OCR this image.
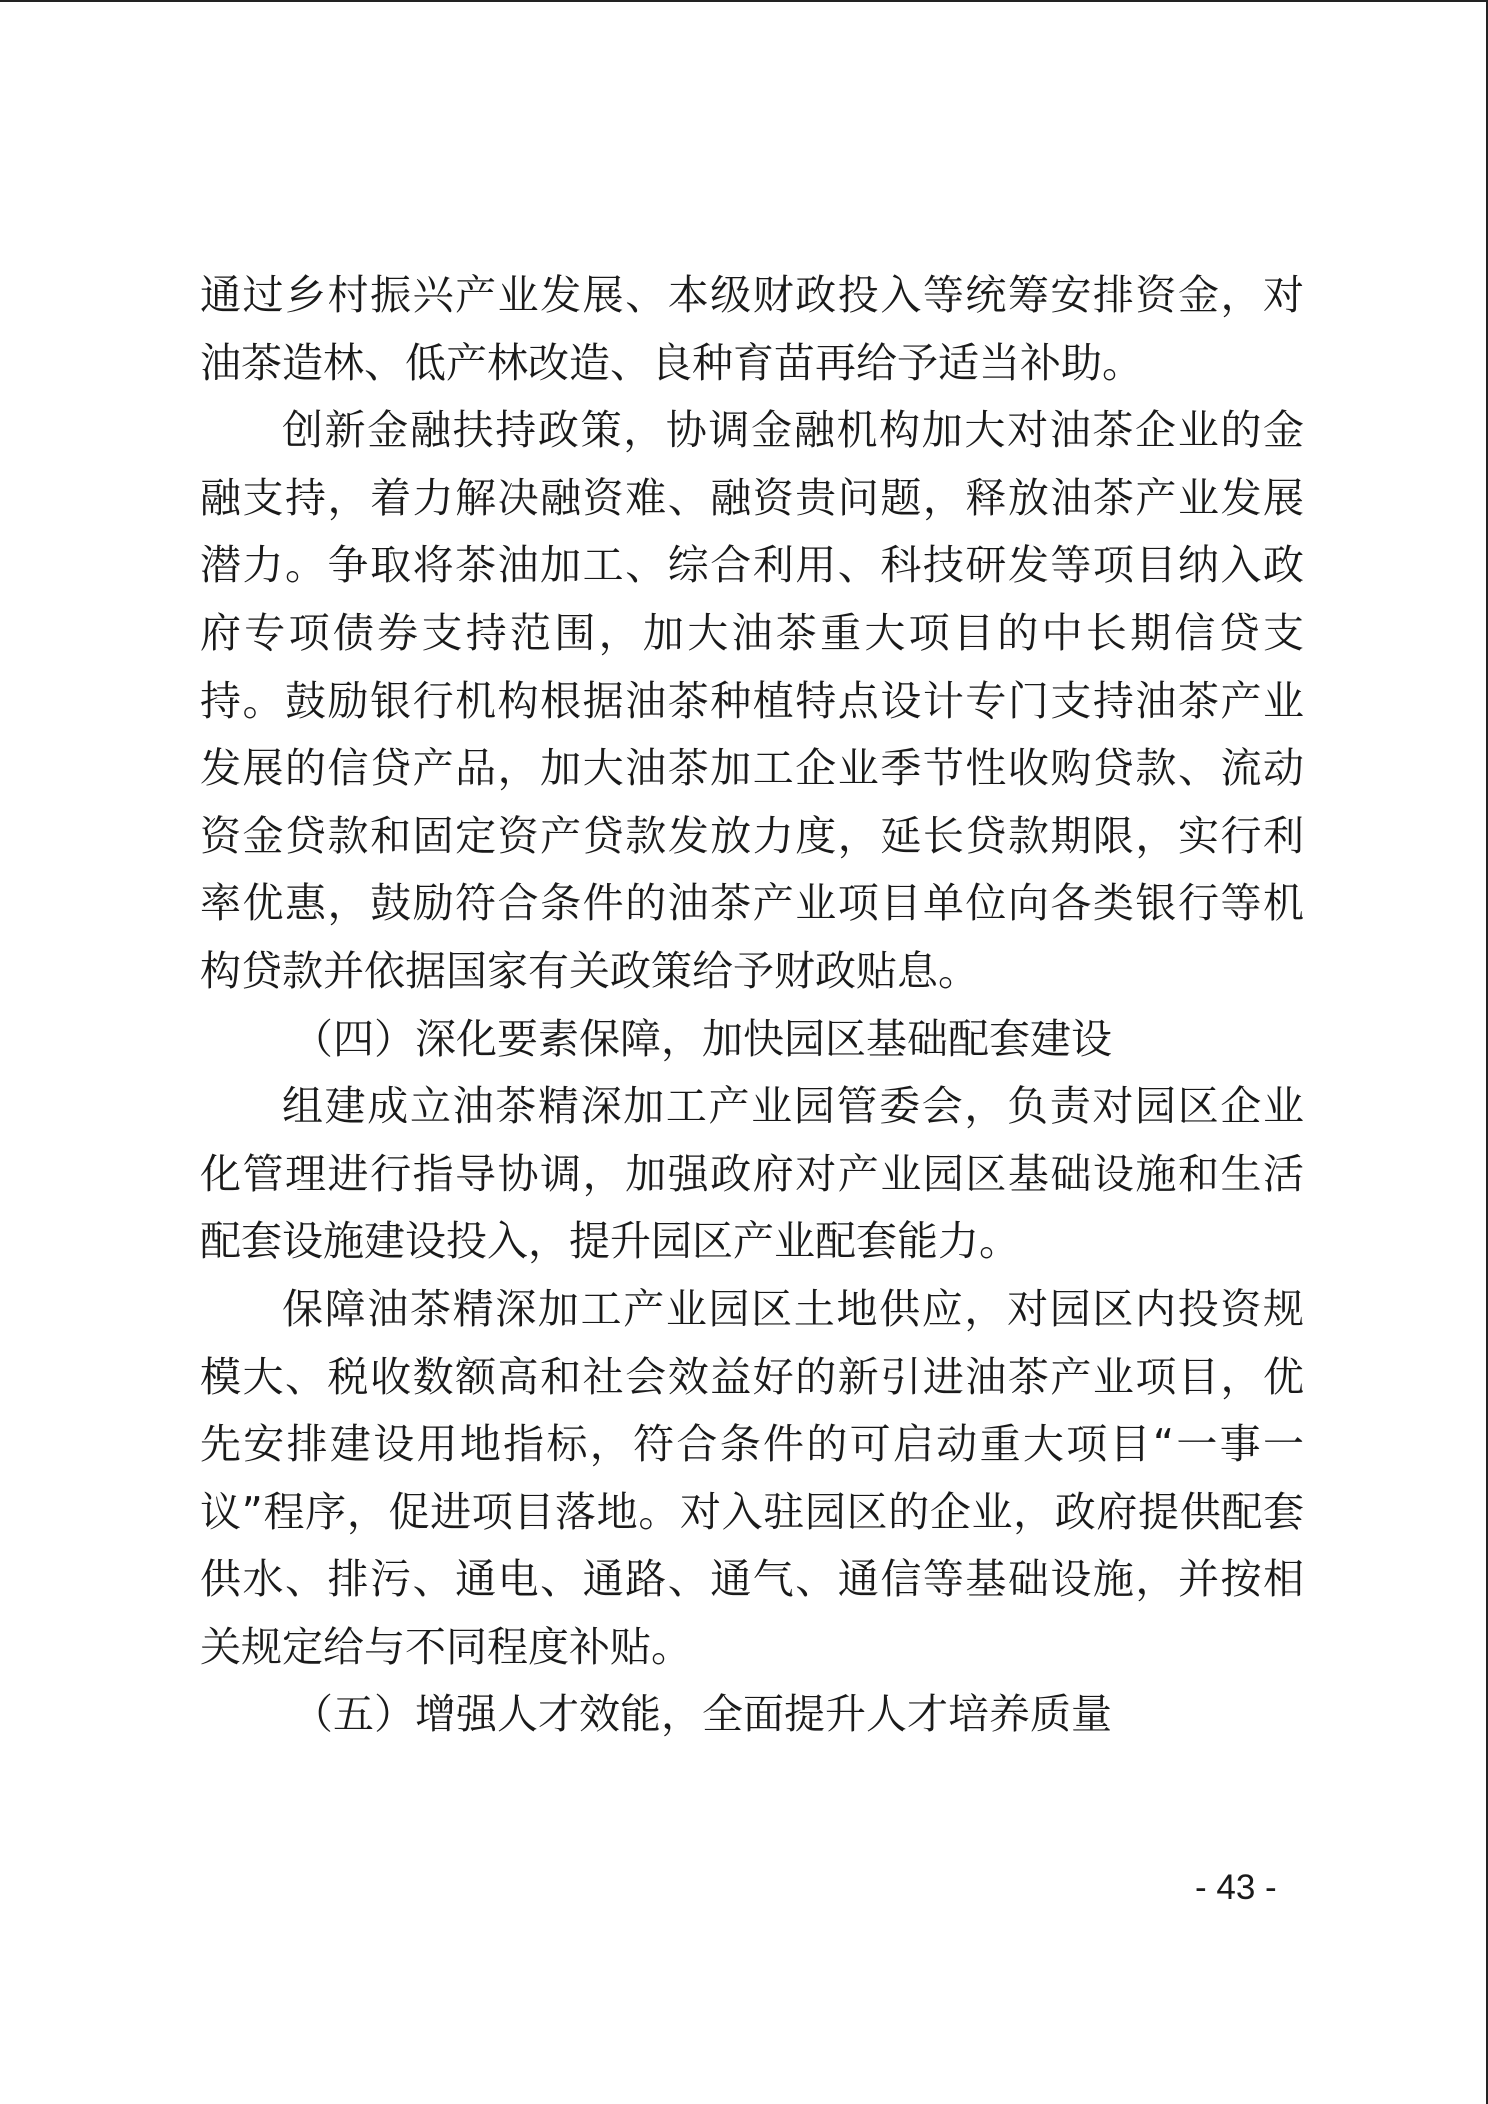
通过乡村振兴产业发展、本级财政投入等统筹安排资金，对油茶造林、低产林改造、良种育苗再给予适当补助。

创新金融扶持政策，协调金融机构加大对油茶企业的金融支持，着力解决融资难、融资贵问题，释放油茶产业发展潜力。争取将茶油加工、综合利用、科技研发等项目纳入政府专项债券支持范围，加大油茶重大项目的中长期信贷支持。鼓励银行机构根据油茶种植特点设计专门支持油茶产业发展的信贷产品，加大油茶加工企业季节性收购贷款、流动资金贷款和固定资产贷款发放力度，延长贷款期限，实行利率优惠，鼓励符合条件的油茶产业项目单位向各类银行等机构贷款并依据国家有关政策给予财政贴息。

（四）深化要素保障，加快园区基础配套建设

组建成立油茶精深加工产业园管委会，负责对园区企业化管理进行指导协调，加强政府对产业园区基础设施和生活配套设施建设投入，提升园区产业配套能力。

保障油茶精深加工产业园区土地供应，对园区内投资规模大、税收数额高和社会效益好的新引进油茶产业项目，优先安排建设用地指标，符合条件的可启动重大项目“一事一议”程序，促进项目落地。对入驻园区的企业，政府提供配套供水、排污、通电、通路、通气、通信等基础设施，并按相关规定给与不同程度补贴。

（五）增强人才效能，全面提升人才培养质量

- 43 -
